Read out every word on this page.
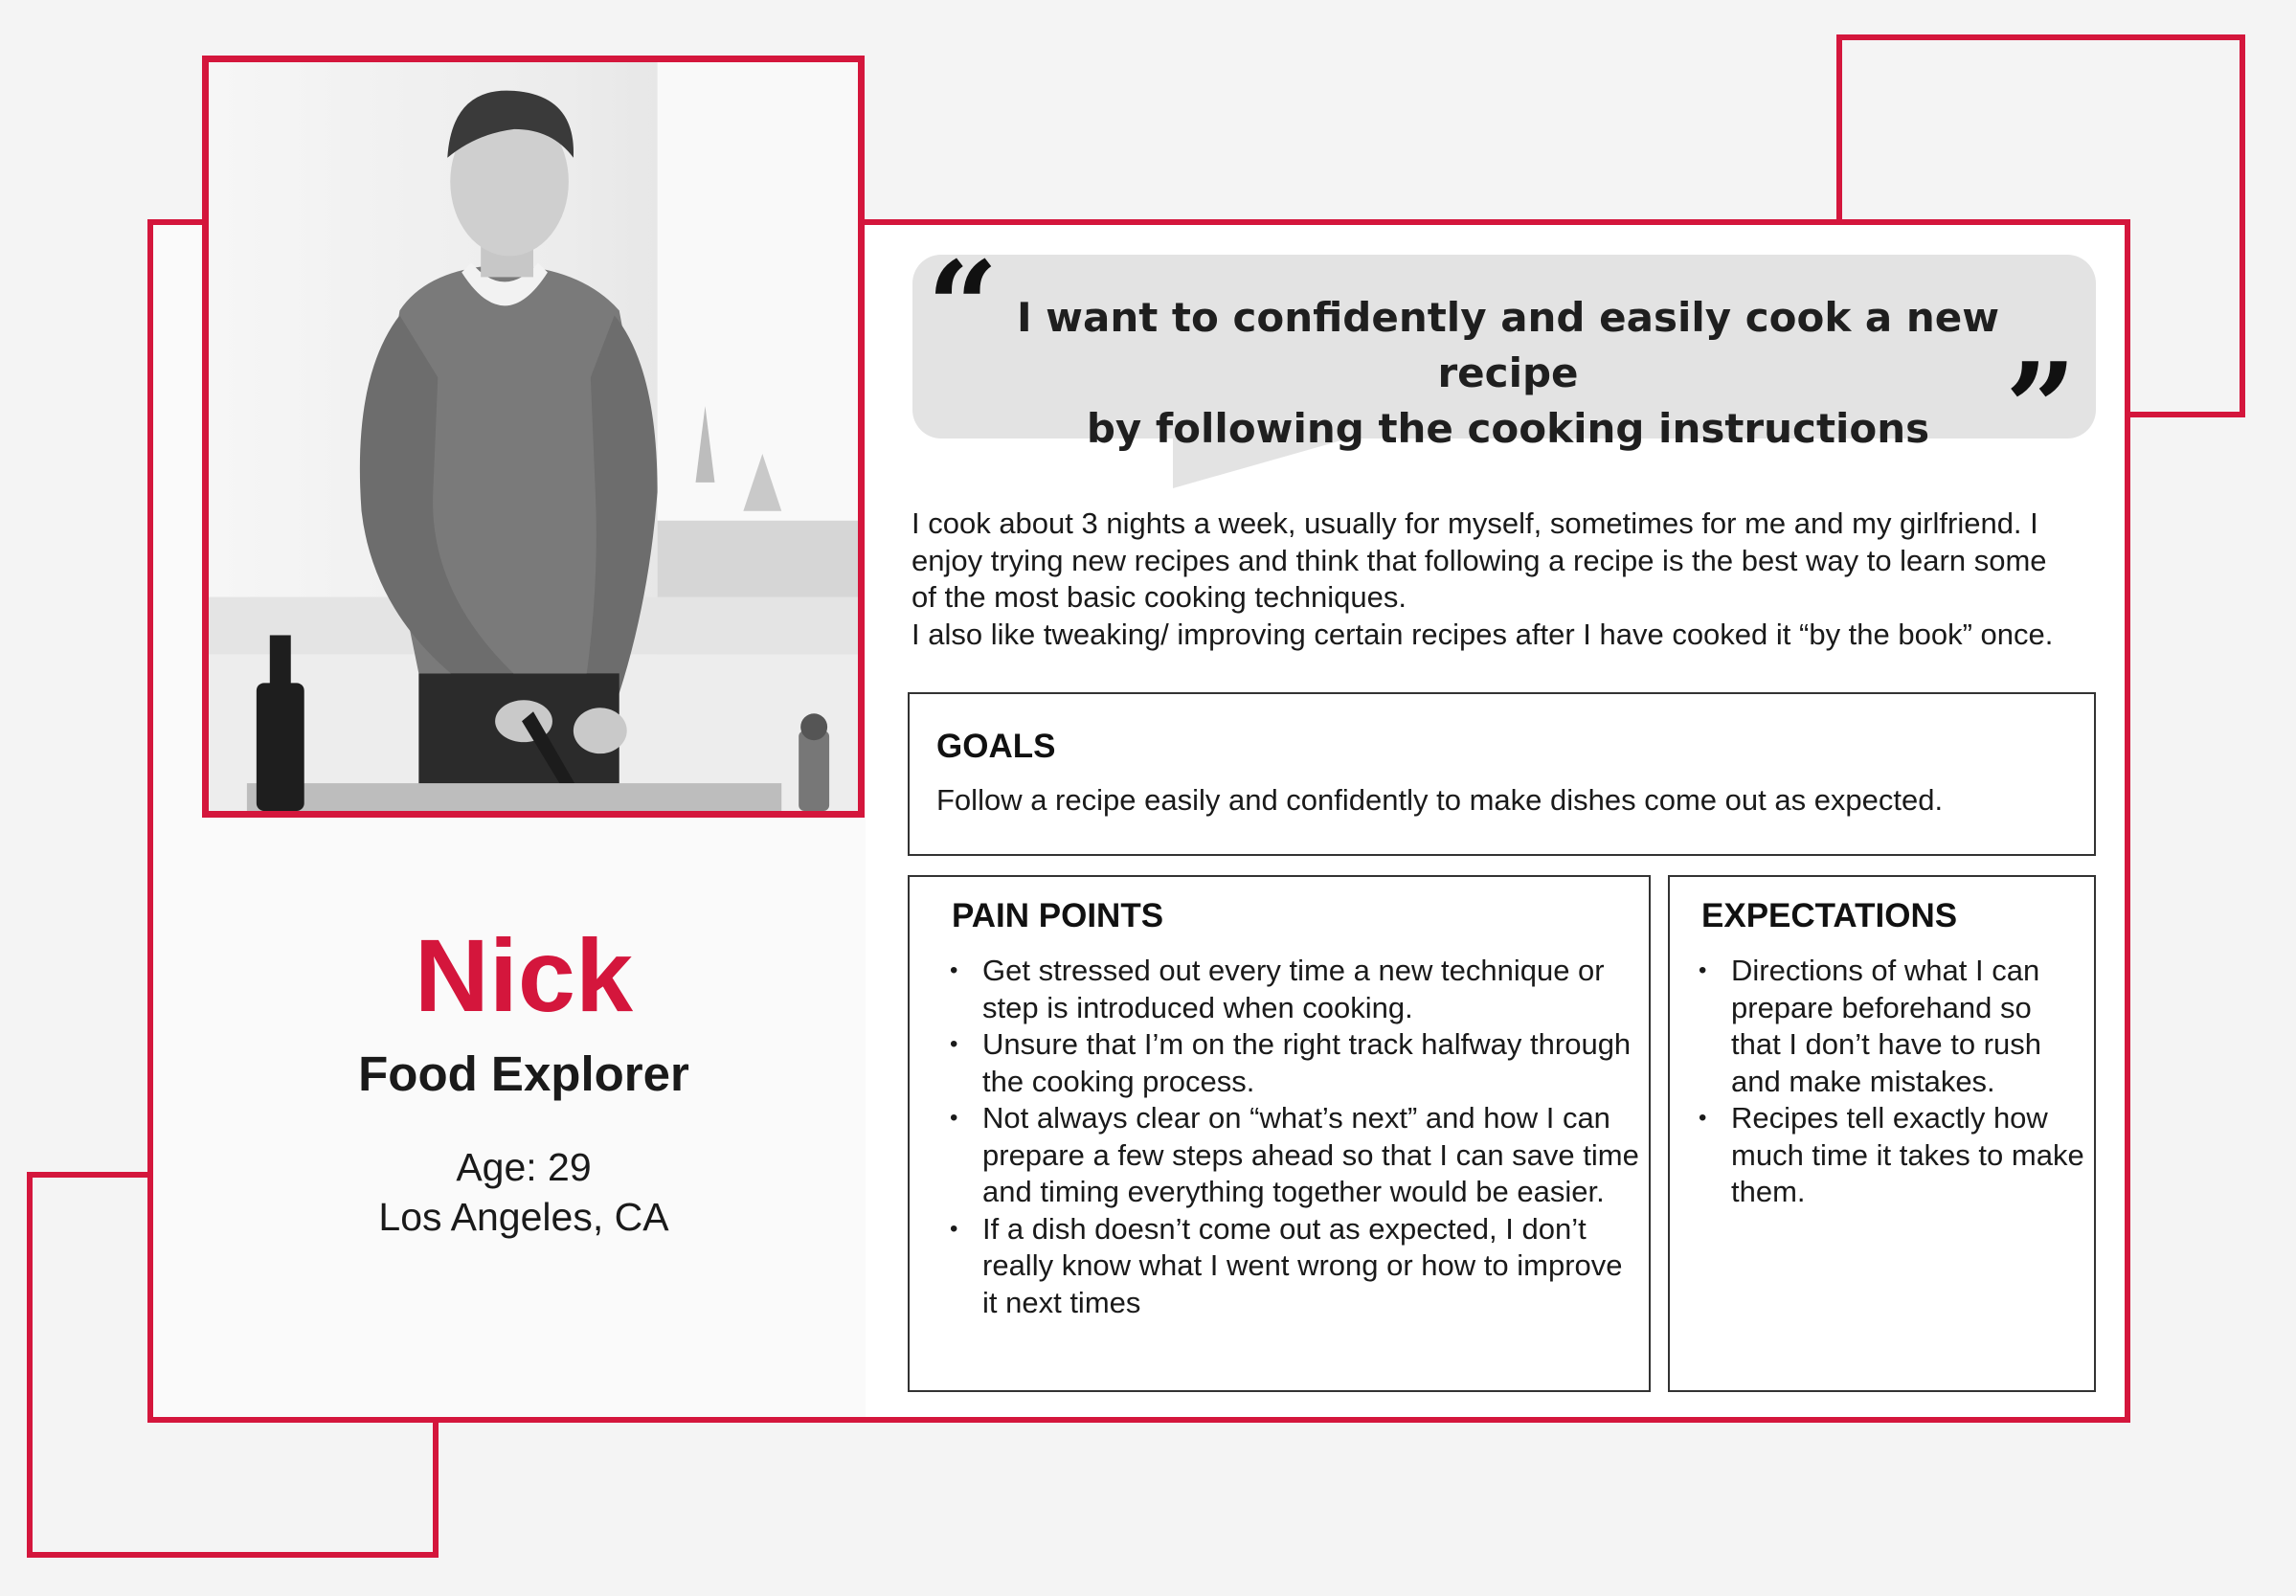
Nick
Food Explorer
Age: 29
Los Angeles, CA
“
”
I want to confidently and easily cook a new recipe
by following the cooking instructions

I cook about 3 nights a week, usually for myself, sometimes for me and my girlfriend. I

enjoy trying new recipes and think that following a recipe is the best way to learn some

of the most basic cooking techniques.

I also like tweaking/ improving certain recipes after I have cooked it “by the book” once.

GOALS
Follow a recipe easily and confidently to make dishes come out as expected.
PAIN POINTS
• Get stressed out every time a new technique or step is introduced when cooking.
• Unsure that I’m on the right track halfway through the cooking process.
• Not always clear on “what’s next” and how I can prepare a few steps ahead so that I can save time and timing everything together would be easier.
• If a dish doesn’t come out as expected, I don’t really know what I went wrong or how to improve it next times
EXPECTATIONS
• Directions of what I can prepare beforehand so that I don’t have to rush and make mistakes.
• Recipes tell exactly how much time it takes to make them.
